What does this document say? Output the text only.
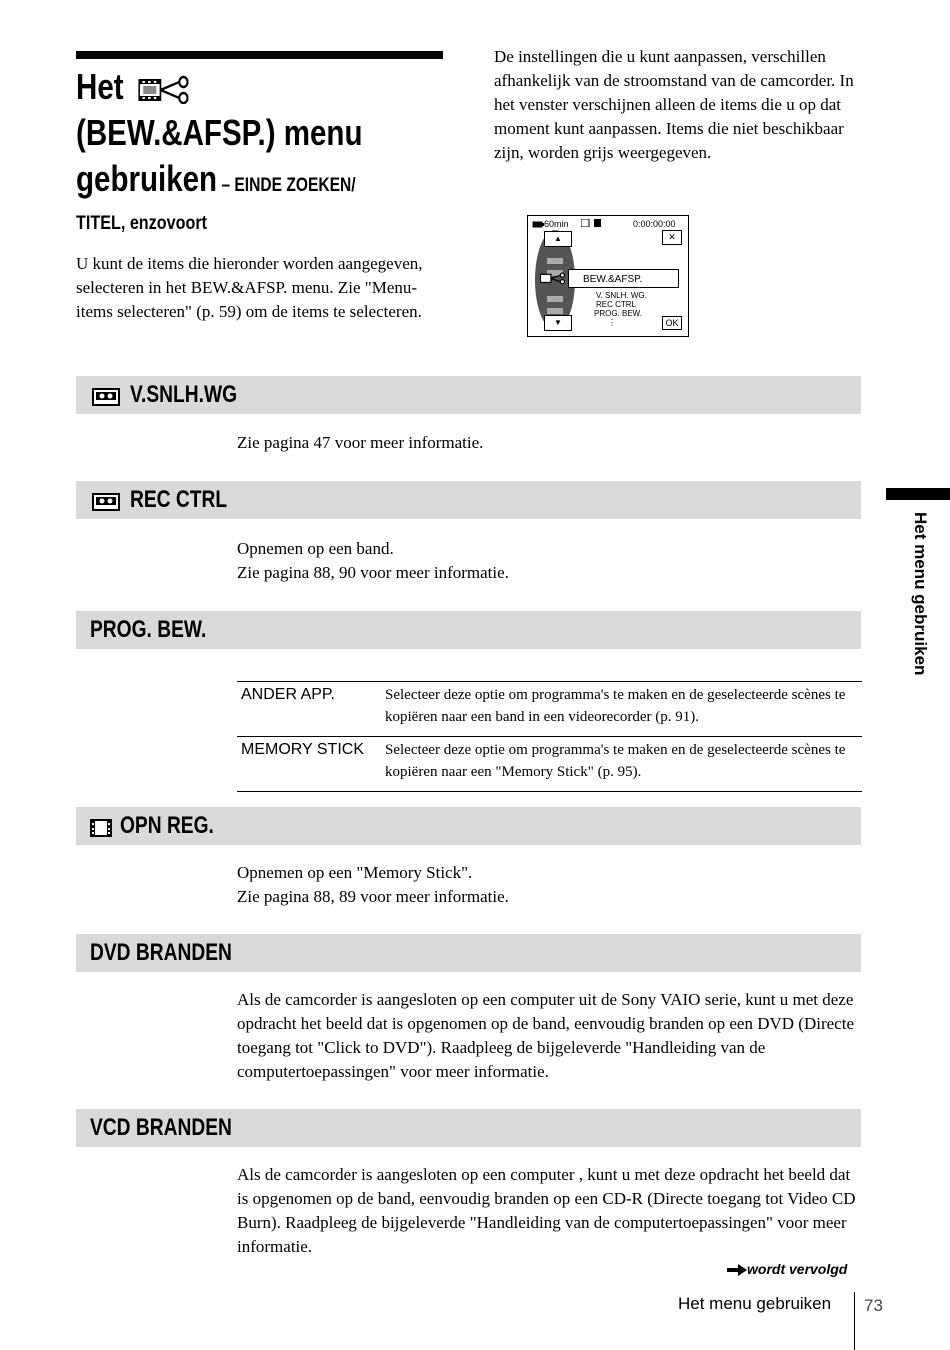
Het
(BEW.&AFSP.) menu
gebruiken – EINDE ZOEKEN/
TITEL, enzovoort
U kunt de items die hieronder worden aangegeven, selecteren in het BEW.&AFSP. menu. Zie "Menu-items selecteren" (p. 59) om de items te selecteren.
De instellingen die u kunt aanpassen, verschillen afhankelijk van de stroomstand van de camcorder. In het venster verschijnen alleen de items die u op dat moment kunt aanpassen. Items die niet beschikbaar zijn, worden grijs weergegeven.
60min	0:00:00:00
✕
▲
▼
BEW.&AFSP.
V. SNLH. WG.
REC CTRL
PROG. BEW.
⋮	OK
V.SNLH.WG
Zie pagina 47 voor meer informatie.
REC CTRL
Opnemen op een band.
Zie pagina 88, 90 voor meer informatie.
PROG. BEW.
ANDER APP.	Selecteer deze optie om programma's te maken en de geselecteerde scènes te kopiëren naar een band in een videorecorder (p. 91).
MEMORY STICK	Selecteer deze optie om programma's te maken en de geselecteerde scènes te kopiëren naar een "Memory Stick" (p. 95).
OPN REG.
Opnemen op een "Memory Stick".
Zie pagina 88, 89 voor meer informatie.
DVD BRANDEN
Als de camcorder is aangesloten op een computer uit de Sony VAIO serie, kunt u met deze opdracht het beeld dat is opgenomen op de band, eenvoudig branden op een DVD (Directe toegang tot "Click to DVD"). Raadpleeg de bijgeleverde "Handleiding van de computertoepassingen" voor meer informatie.
VCD BRANDEN
Als de camcorder is aangesloten op een computer , kunt u met deze opdracht het beeld dat is opgenomen op de band, eenvoudig branden op een CD-R (Directe toegang tot Video CD Burn). Raadpleeg de bijgeleverde "Handleiding van de computertoepassingen" voor meer informatie.
Het menu gebruiken
wordt vervolgd
Het menu gebruiken 73
